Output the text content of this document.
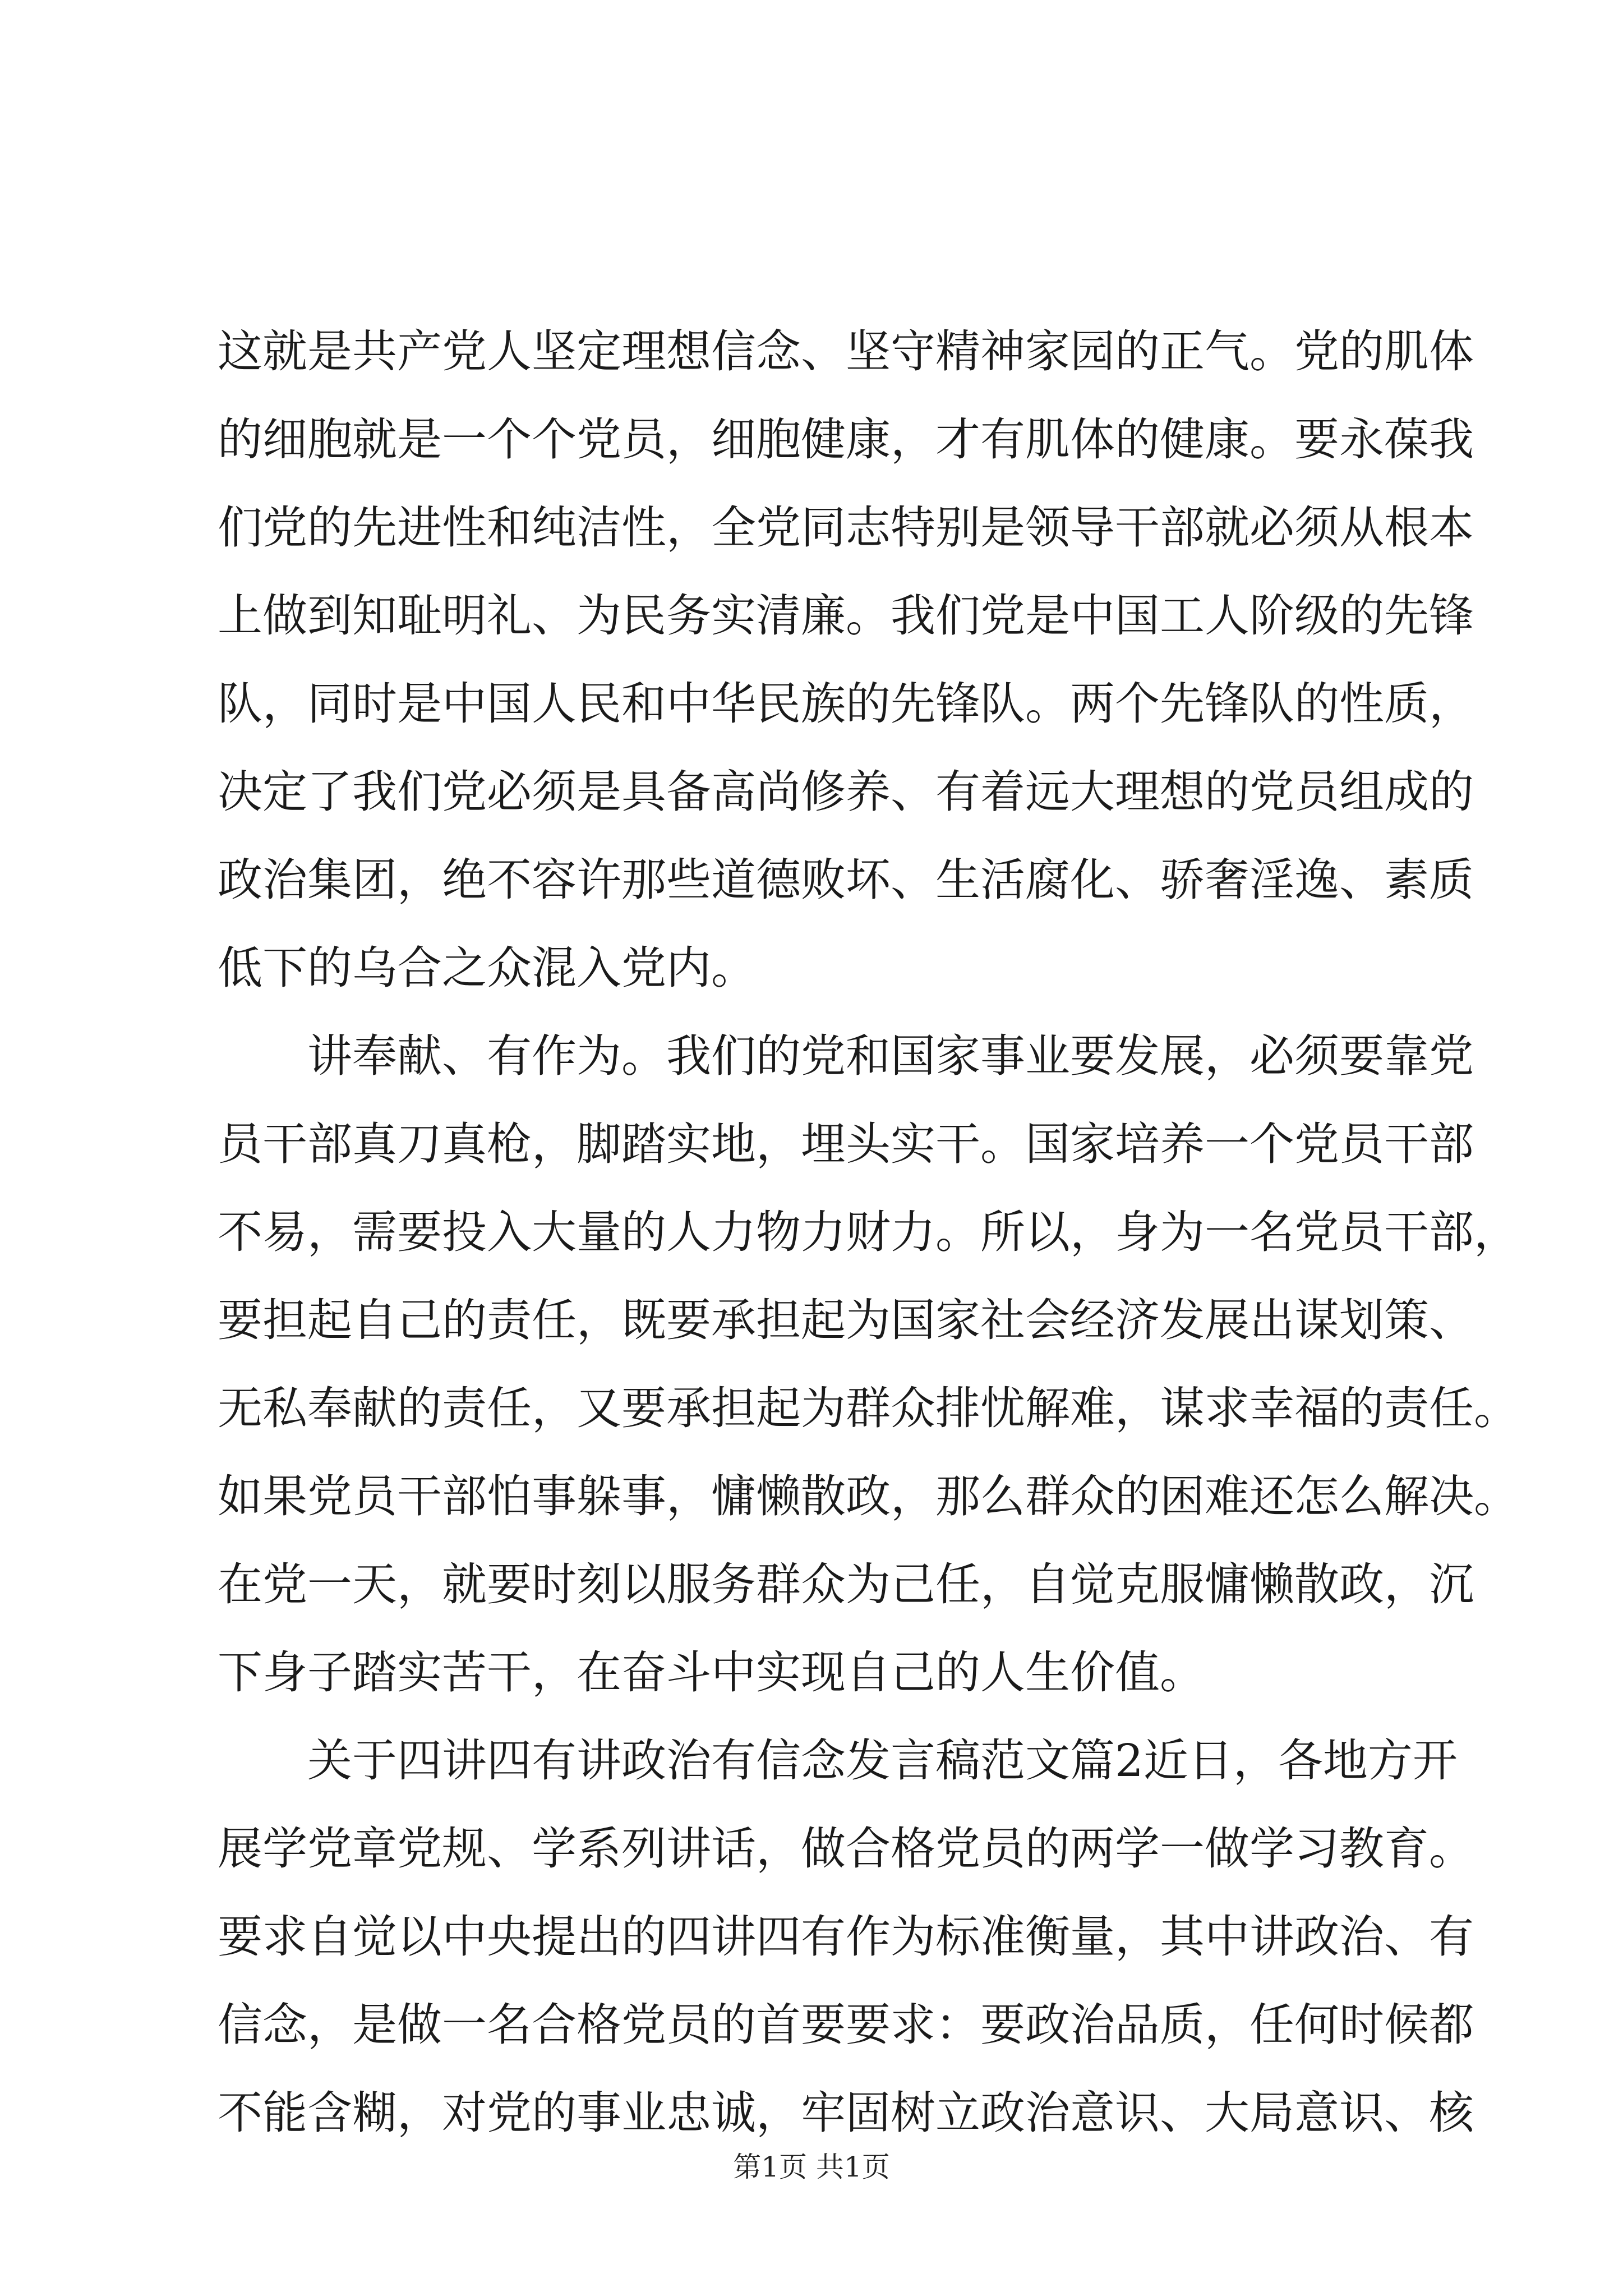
这就是共产党人坚定理想信念、坚守精神家园的正气。党的肌体
的细胞就是一个个党员，细胞健康，才有肌体的健康。要永葆我
们党的先进性和纯洁性，全党同志特别是领导干部就必须从根本
上做到知耻明礼、为民务实清廉。我们党是中国工人阶级的先锋
队，同时是中国人民和中华民族的先锋队。两个先锋队的性质，
决定了我们党必须是具备高尚修养、有着远大理想的党员组成的
政治集团，绝不容许那些道德败坏、生活腐化、骄奢淫逸、素质
低下的乌合之众混入党内。
　　讲奉献、有作为。我们的党和国家事业要发展，必须要靠党
员干部真刀真枪，脚踏实地，埋头实干。国家培养一个党员干部
不易，需要投入大量的人力物力财力。所以，身为一名党员干部，
要担起自己的责任，既要承担起为国家社会经济发展出谋划策、
无私奉献的责任，又要承担起为群众排忧解难，谋求幸福的责任。
如果党员干部怕事躲事，慵懒散政，那么群众的困难还怎么解决。
在党一天，就要时刻以服务群众为己任，自觉克服慵懒散政，沉
下身子踏实苦干，在奋斗中实现自己的人生价值。
　　关于四讲四有讲政治有信念发言稿范文篇2近日，各地方开
展学党章党规、学系列讲话，做合格党员的两学一做学习教育。
要求自觉以中央提出的四讲四有作为标准衡量，其中讲政治、有
信念，是做一名合格党员的首要要求：要政治品质，任何时候都
不能含糊，对党的事业忠诚，牢固树立政治意识、大局意识、核
第1页 共1页
